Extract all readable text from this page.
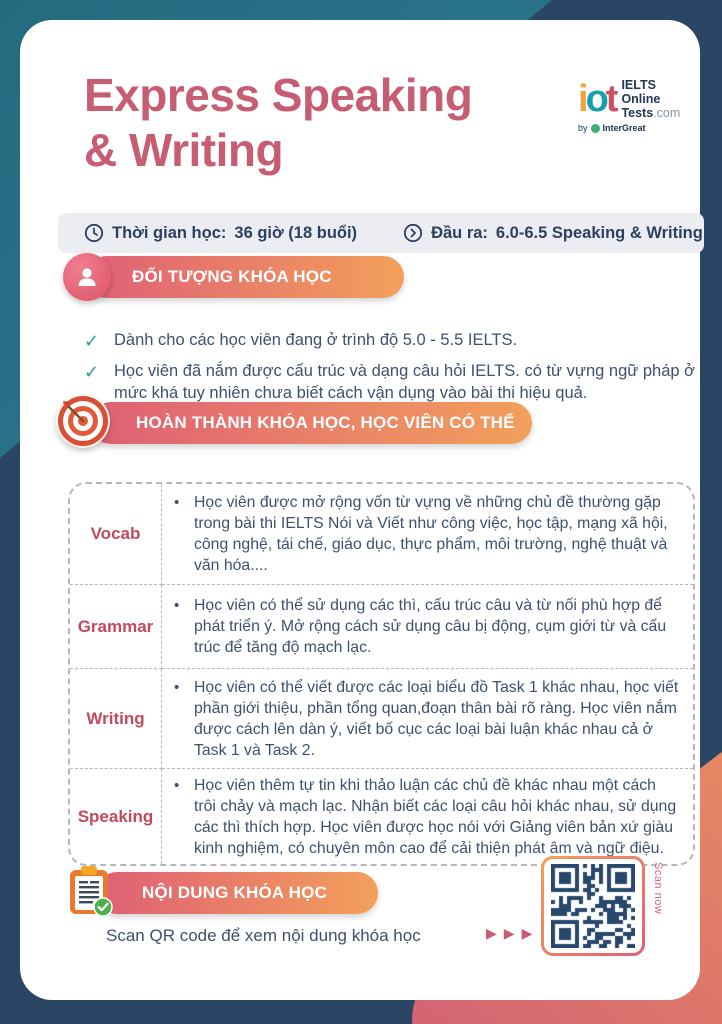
Express Speaking
& Writing
iot IELTS
Online
Tests.com
by InterGreat
Thời gian học: 36 giờ (18 buổi)	Đầu ra: 6.0-6.5 Speaking & Writing
ĐỐI TƯỢNG KHÓA HỌC
✓ Dành cho các học viên đang ở trình độ 5.0 - 5.5 IELTS.
✓ Học viên đã nắm được cấu trúc và dạng câu hỏi IELTS. có từ vựng ngữ pháp ở mức khá tuy nhiên chưa biết cách vận dụng vào bài thi hiệu quả.
HOÀN THÀNH KHÓA HỌC, HỌC VIÊN CÓ THỂ
Vocab
• Học viên được mở rộng vốn từ vựng về những chủ đề thường gặp trong bài thi IELTS Nói và Viết như công việc, học tập, mạng xã hội, công nghệ, tái chế, giáo dục, thực phẩm, môi trường, nghệ thuật và văn hóa....
Grammar
• Học viên có thể sử dụng các thì, cấu trúc câu và từ nối phù hợp để phát triển ý. Mở rộng cách sử dụng câu bị động, cụm giới từ và cấu trúc để tăng độ mạch lạc.
Writing
• Học viên có thể viết được các loại biểu đồ Task 1 khác nhau, học viết phần giới thiệu, phần tổng quan,đoạn thân bài rõ ràng. Học viên nắm được cách lên dàn ý, viết bố cục các loại bài luận khác nhau cả ở Task 1 và Task 2.
Speaking
• Học viên thêm tự tin khi thảo luận các chủ đề khác nhau một cách trôi chảy và mạch lạc. Nhận biết các loại câu hỏi khác nhau, sử dụng các thì thích hợp. Học viên được học nói với Giảng viên bản xứ giàu kinh nghiệm, có chuyên môn cao để cải thiện phát âm và ngữ điệu.
NỘI DUNG KHÓA HỌC
Scan QR code để xem nội dung khóa học	▶ ▶ ▶
Scan now
